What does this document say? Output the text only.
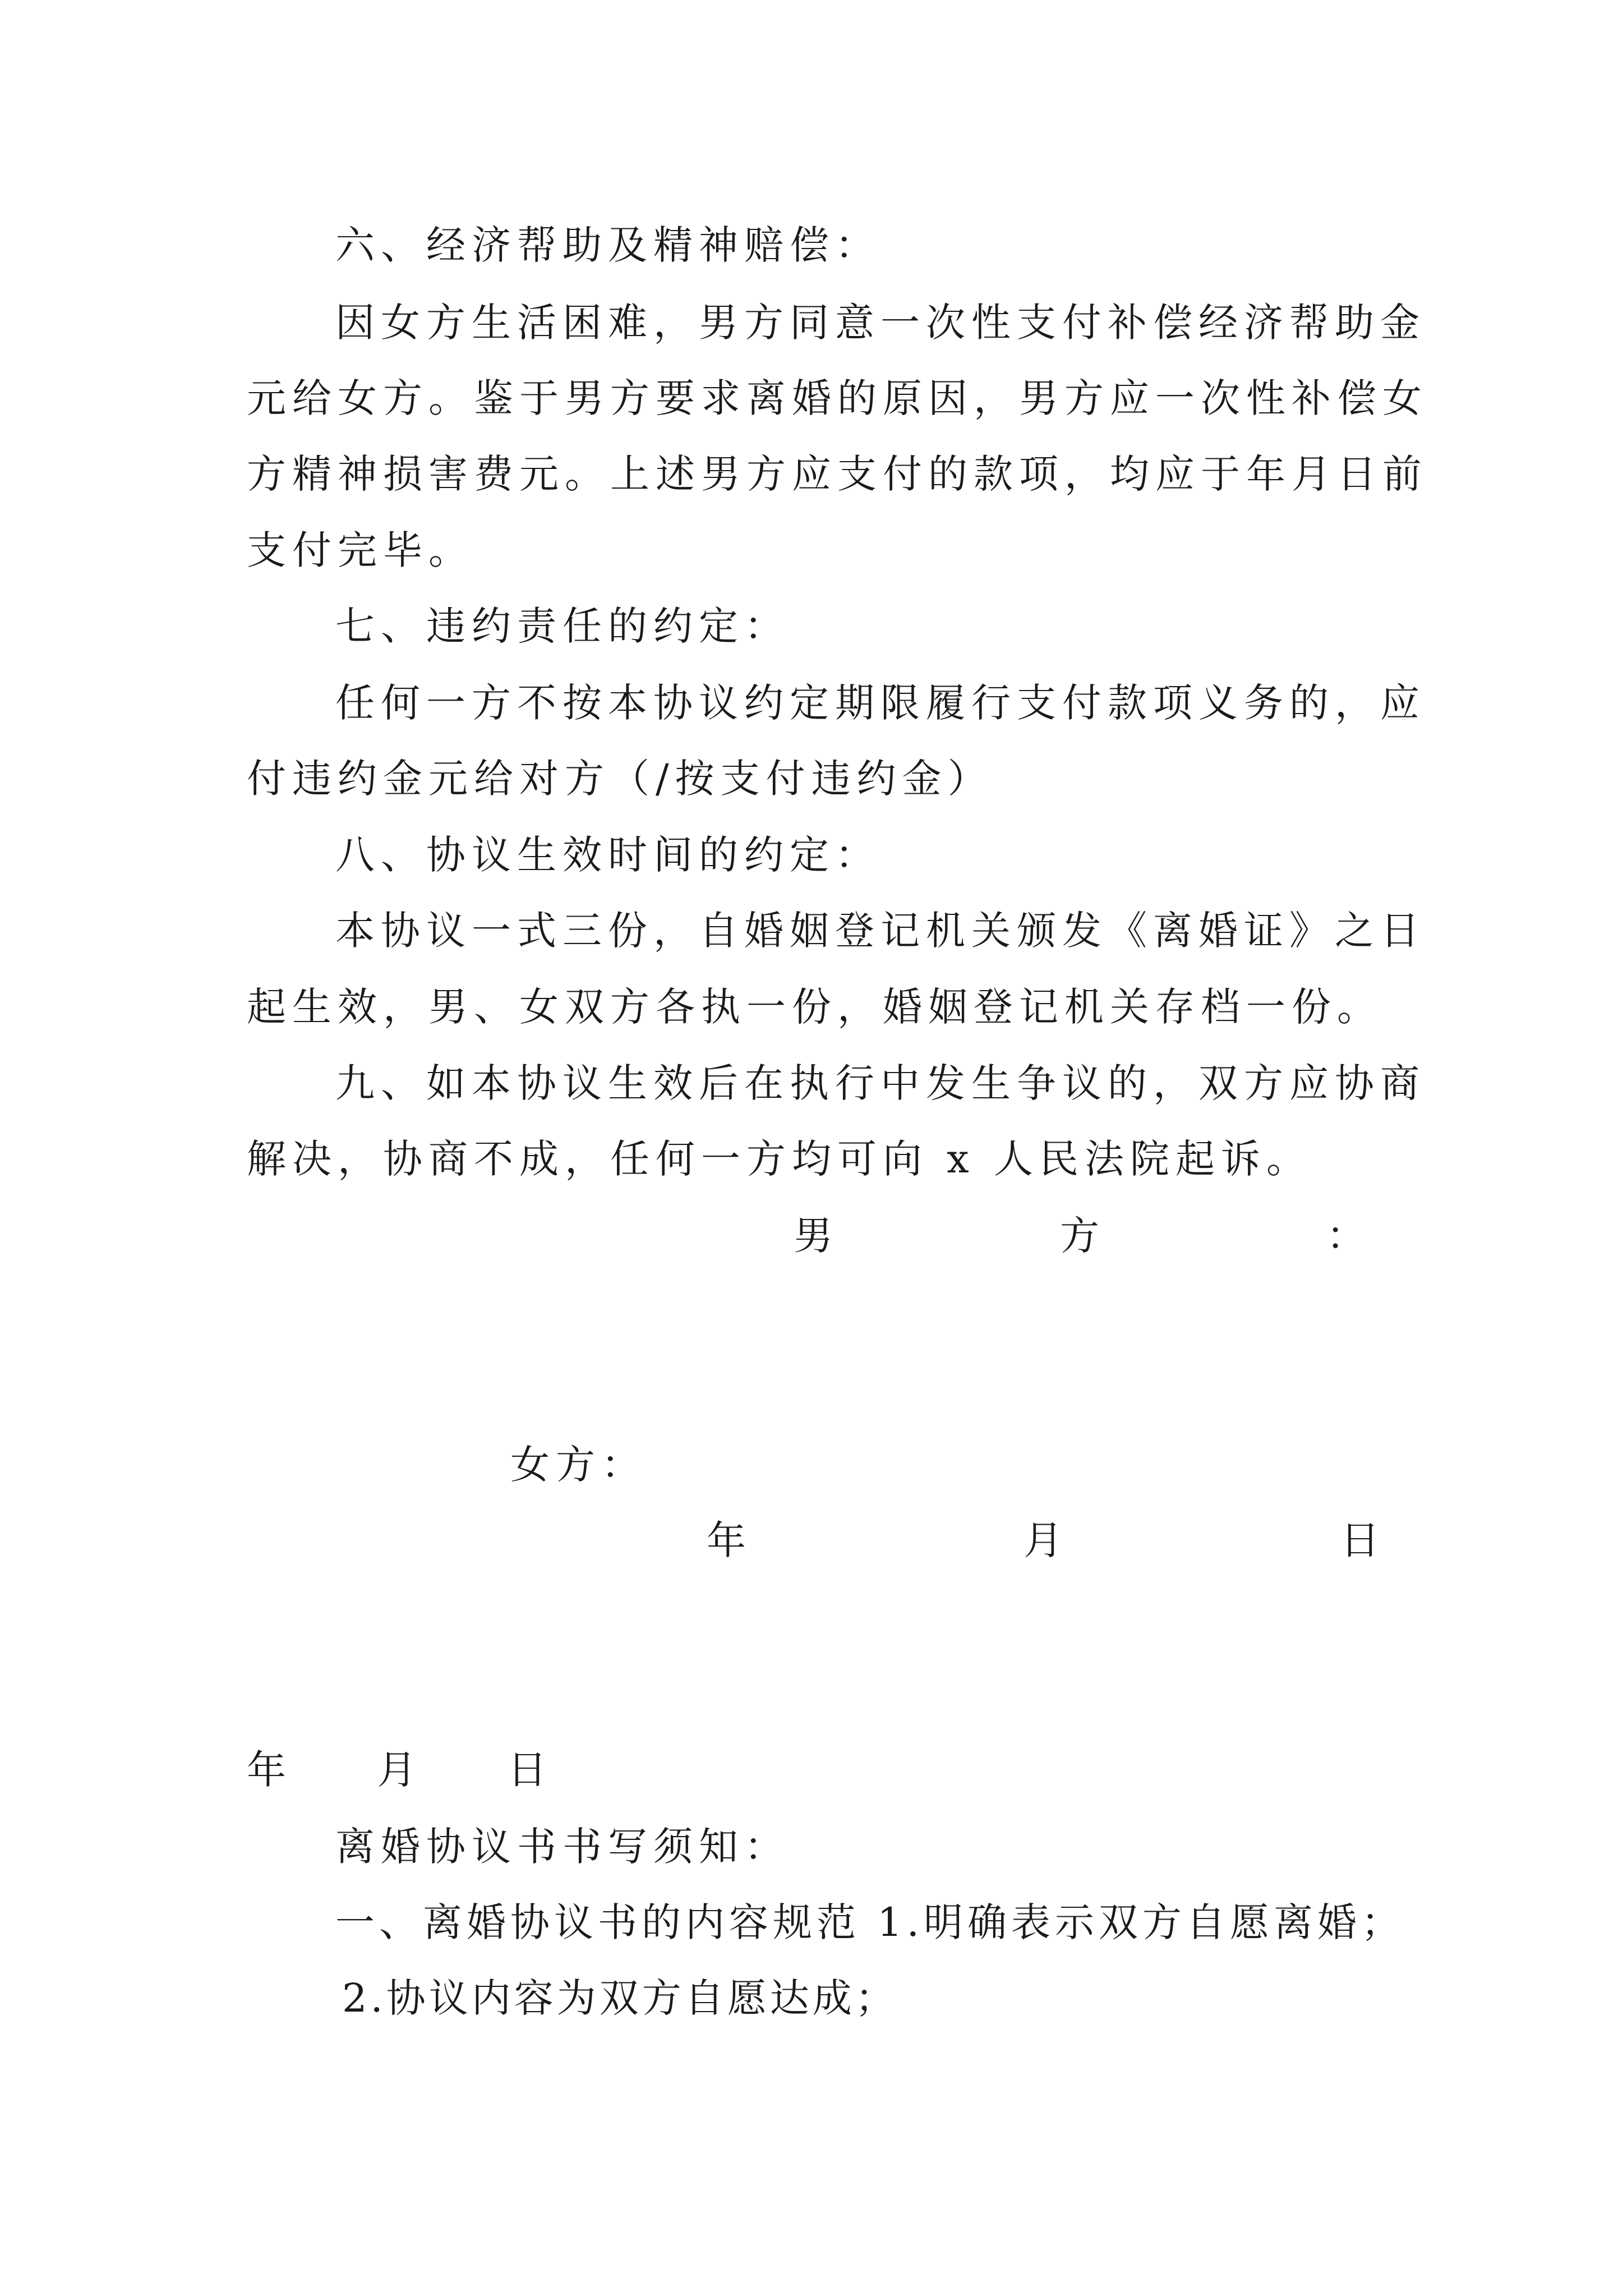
六、经济帮助及精神赔偿：
因女方生活困难，男方同意一次性支付补偿经济帮助金
元给女方。鉴于男方要求离婚的原因，男方应一次性补偿女
方精神损害费元。上述男方应支付的款项，均应于年月日前
支付完毕。
七、违约责任的约定：
任何一方不按本协议约定期限履行支付款项义务的，应
付违约金元给对方（/按支付违约金）
八、协议生效时间的约定：
本协议一式三份，自婚姻登记机关颁发《离婚证》之日
起生效，男、女双方各执一份，婚姻登记机关存档一份。
九、如本协议生效后在执行中发生争议的，双方应协商
解决，协商不成，任何一方均可向 x 人民法院起诉。
男	方	：
女方：
年	月	日
年 月 日
离婚协议书书写须知：
一、离婚协议书的内容规范 1.明确表示双方自愿离婚；
2.协议内容为双方自愿达成；
